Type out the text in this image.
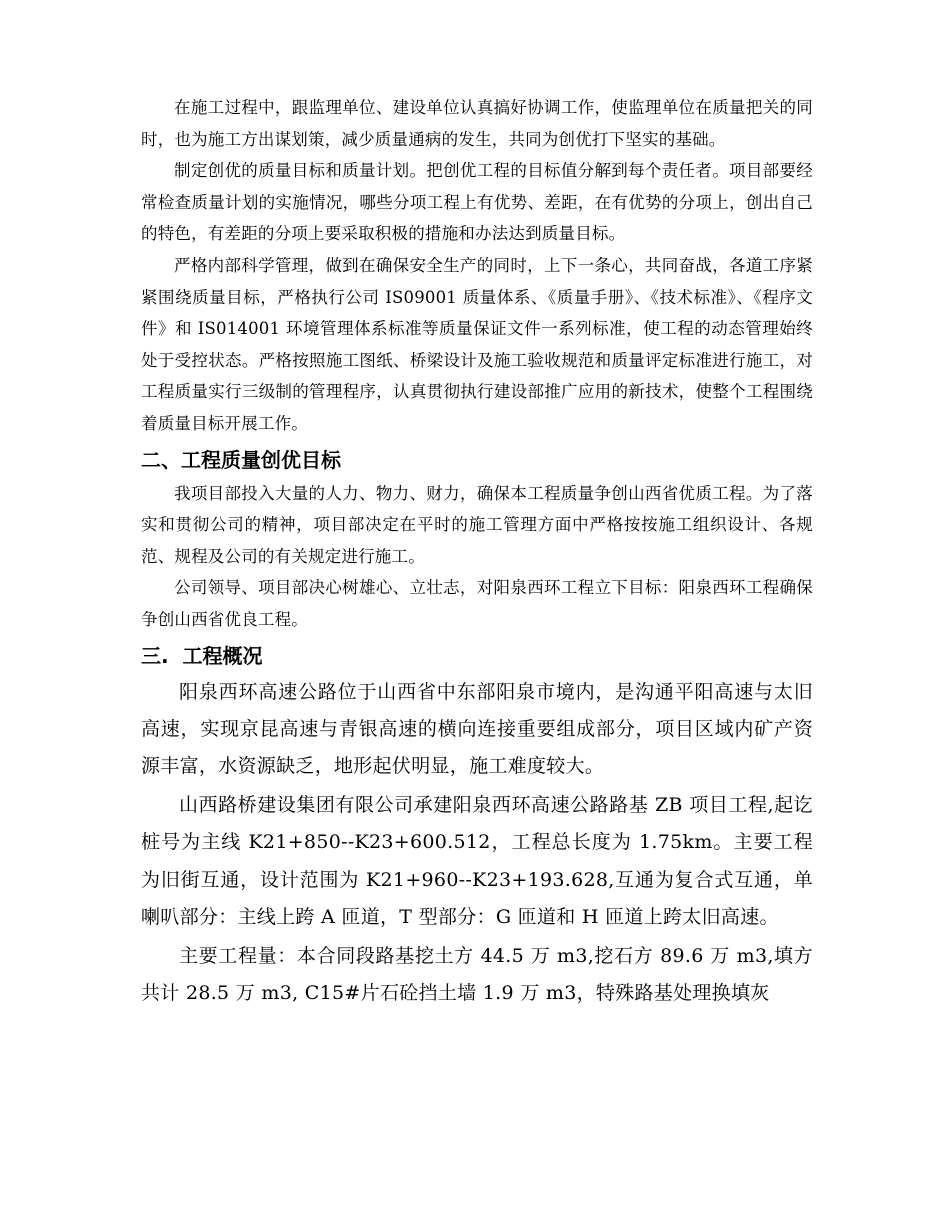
在施工过程中，跟监理单位、建设单位认真搞好协调工作，使监理单位在质量把关的同时，也为施工方出谋划策，减少质量通病的发生，共同为创优打下坚实的基础。

制定创优的质量目标和质量计划。把创优工程的目标值分解到每个责任者。项目部要经常检查质量计划的实施情况，哪些分项工程上有优势、差距，在有优势的分项上，创出自己的特色，有差距的分项上要采取积极的措施和办法达到质量目标。

严格内部科学管理，做到在确保安全生产的同时，上下一条心，共同奋战，各道工序紧紧围绕质量目标，严格执行公司 IS09001 质量体系、《质量手册》、《技术标准》、《程序文件》和 IS014001 环境管理体系标准等质量保证文件一系列标准，使工程的动态管理始终处于受控状态。严格按照施工图纸、桥梁设计及施工验收规范和质量评定标准进行施工，对工程质量实行三级制的管理程序，认真贯彻执行建设部推广应用的新技术，使整个工程围绕着质量目标开展工作。

二、工程质量创优目标

我项目部投入大量的人力、物力、财力，确保本工程质量争创山西省优质工程。为了落实和贯彻公司的精神，项目部决定在平时的施工管理方面中严格按按施工组织设计、各规范、规程及公司的有关规定进行施工。

公司领导、项目部决心树雄心、立壮志，对阳泉西环工程立下目标：阳泉西环工程确保争创山西省优良工程。

三.  工程概况

阳泉西环高速公路位于山西省中东部阳泉市境内，是沟通平阳高速与太旧高速，实现京昆高速与青银高速的横向连接重要组成部分，项目区域内矿产资源丰富，水资源缺乏，地形起伏明显，施工难度较大。

山西路桥建设集团有限公司承建阳泉西环高速公路路基 ZB 项目工程,起讫桩号为主线 K21+850--K23+600.512，工程总长度为 1.75km。主要工程为旧街互通，设计范围为 K21+960--K23+193.628,互通为复合式互通，单喇叭部分：主线上跨 A 匝道，T 型部分：G 匝道和 H 匝道上跨太旧高速。

主要工程量：本合同段路基挖土方 44.5 万 m3,挖石方 89.6 万 m3,填方共计 28.5 万 m3, C15#片石砼挡土墙 1.9 万 m3，特殊路基处理换填灰
